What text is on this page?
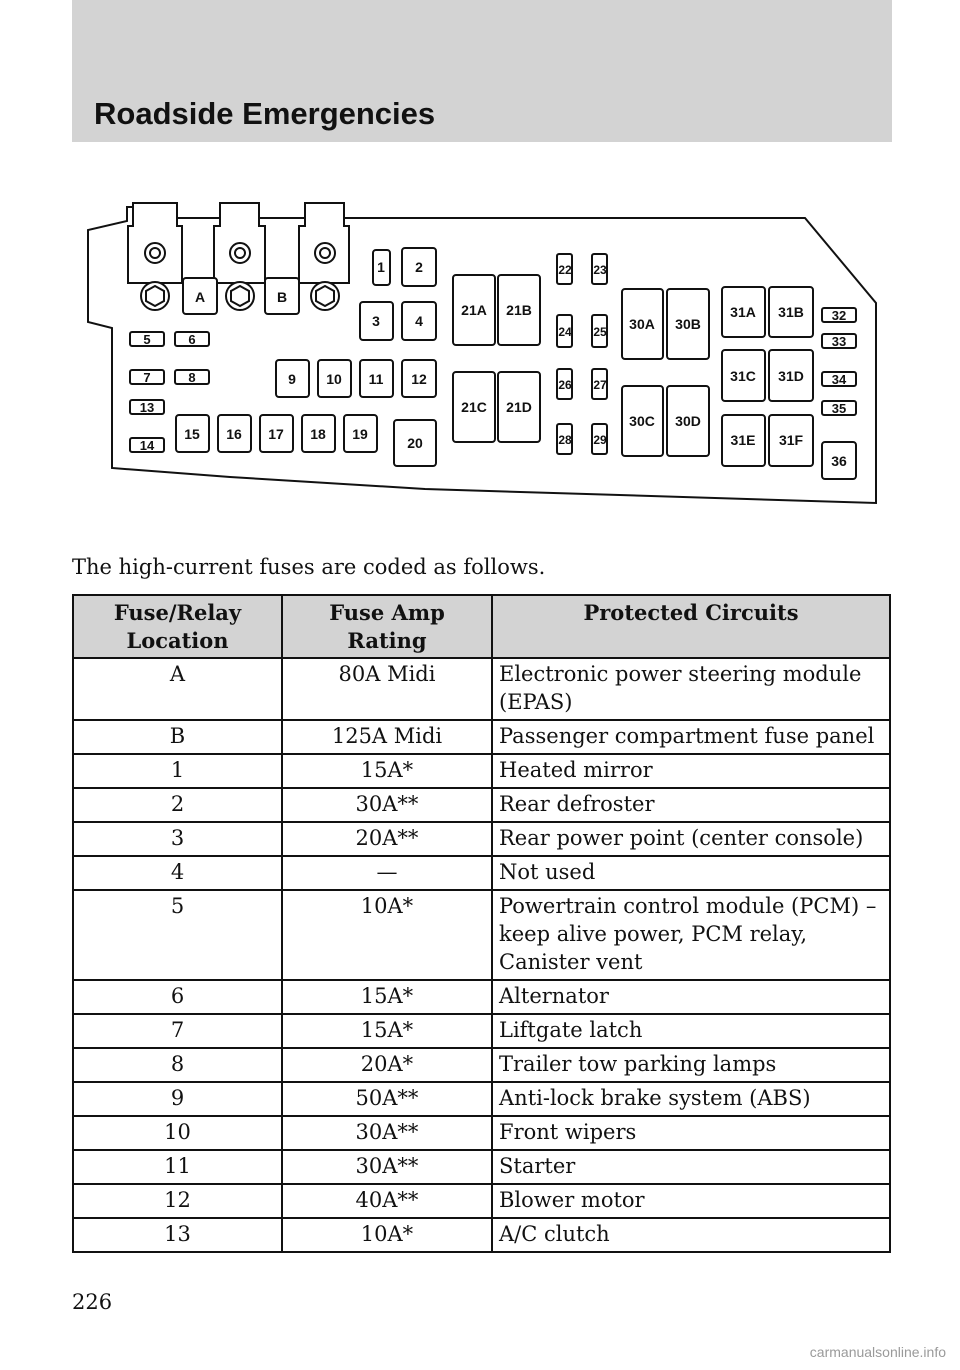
Roadside Emergencies
A	B
5	6
7	8
13
14
15 16 17 18 19
1 2
3	4
9 10 11 12
20
21A 21B
21C 21D
22 23
24 25
26 27
28 29
30A 30B
30C 30D
31A 31B
31C 31D
31E 31F
32
33
34
35
36
The high-current fuses are coded as follows.
Fuse/Relay Location	Fuse Amp Rating	Protected Circuits
A	80A Midi	Electronic power steering module (EPAS)
B	125A Midi	Passenger compartment fuse panel
1	15A*	Heated mirror
2	30A**	Rear defroster
3	20A**	Rear power point (center console)
4	—	Not used
5	10A*	Powertrain control module (PCM) – keep alive power, PCM relay, Canister vent
6	15A*	Alternator
7	15A*	Liftgate latch
8	20A*	Trailer tow parking lamps
9	50A**	Anti-lock brake system (ABS)
10	30A**	Front wipers
11	30A**	Starter
12	40A**	Blower motor
13	10A*	A/C clutch
226
carmanualsonline.info
